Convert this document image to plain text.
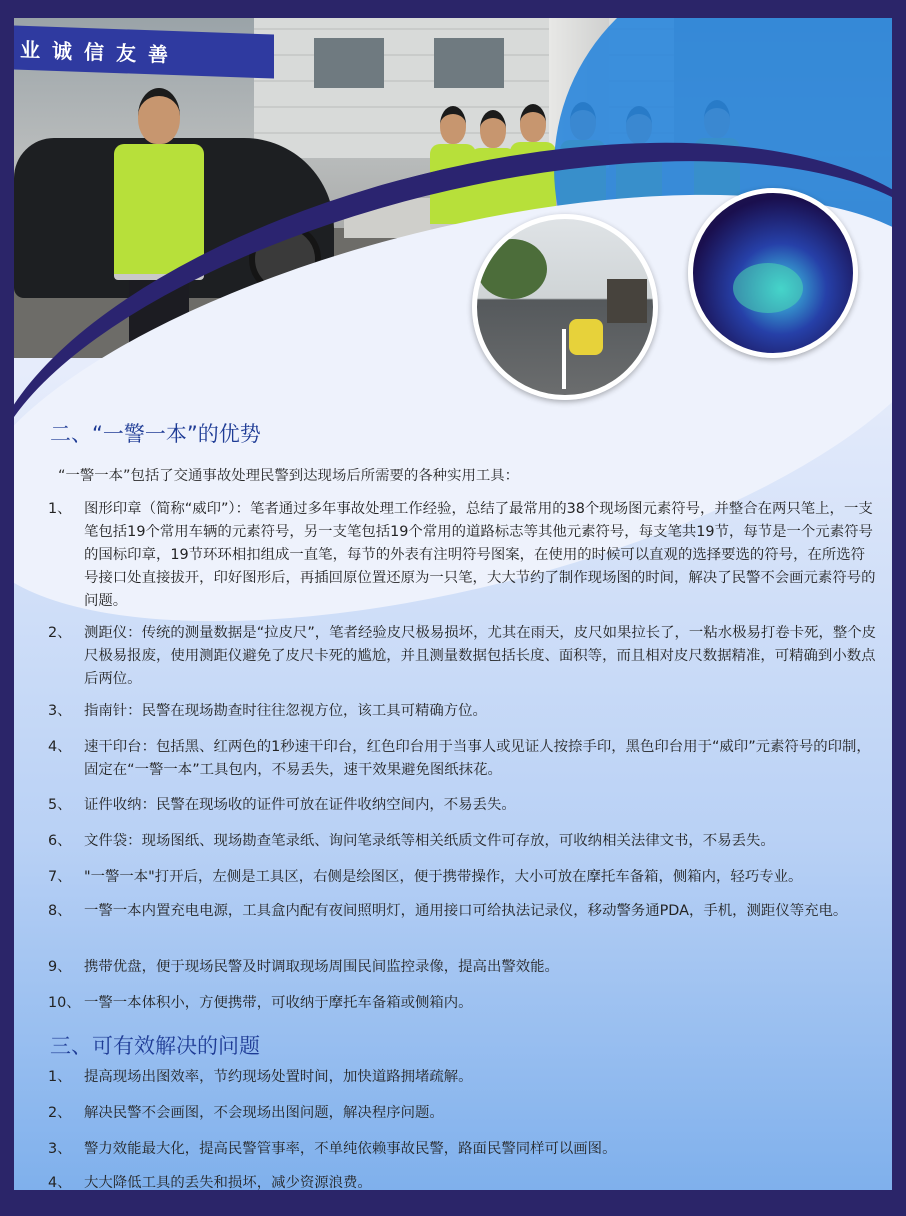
业诚信友善
二、“一警一本”的优势
“一警一本”包括了交通事故处理民警到达现场后所需要的各种实用工具：
1、 图形印章（简称“威印”）：笔者通过多年事故处理工作经验，总结了最常用的38个现场图元素符号，并整合在两只笔上，一支笔包括19个常用车辆的元素符号，另一支笔包括19个常用的道路标志等其他元素符号，每支笔共19节，每节是一个元素符号的国标印章，19节环环相扣组成一直笔，每节的外表有注明符号图案，在使用的时候可以直观的选择要选的符号，在所选符号接口处直接拔开，印好图形后，再插回原位置还原为一只笔，大大节约了制作现场图的时间，解决了民警不会画元素符号的问题。
2、 测距仪：传统的测量数据是“拉皮尺”，笔者经验皮尺极易损坏，尤其在雨天，皮尺如果拉长了，一粘水极易打卷卡死，整个皮尺极易报废，使用测距仪避免了皮尺卡死的尴尬，并且测量数据包括长度、面积等，而且相对皮尺数据精准，可精确到小数点后两位。
3、 指南针：民警在现场勘查时往往忽视方位，该工具可精确方位。
4、 速干印台：包括黑、红两色的1秒速干印台，红色印台用于当事人或见证人按捺手印，黑色印台用于“威印”元素符号的印制，固定在“一警一本”工具包内，不易丢失，速干效果避免图纸抹花。
5、 证件收纳：民警在现场收的证件可放在证件收纳空间内，不易丢失。
6、 文件袋：现场图纸、现场勘查笔录纸、询问笔录纸等相关纸质文件可存放，可收纳相关法律文书，不易丢失。
7、 "一警一本"打开后，左侧是工具区，右侧是绘图区，便于携带操作，大小可放在摩托车备箱，侧箱内，轻巧专业。
8、 一警一本内置充电电源，工具盒内配有夜间照明灯，通用接口可给执法记录仪，移动警务通PDA，手机，测距仪等充电。
9、 携带优盘，便于现场民警及时调取现场周围民间监控录像，提高出警效能。
10、 一警一本体积小，方便携带，可收纳于摩托车备箱或侧箱内。
三、可有效解决的问题
1、 提高现场出图效率，节约现场处置时间，加快道路拥堵疏解。
2、 解决民警不会画图，不会现场出图问题，解决程序问题。
3、 警力效能最大化，提高民警管事率，不单纯依赖事故民警，路面民警同样可以画图。
4、 大大降低工具的丢失和损坏，减少资源浪费。
